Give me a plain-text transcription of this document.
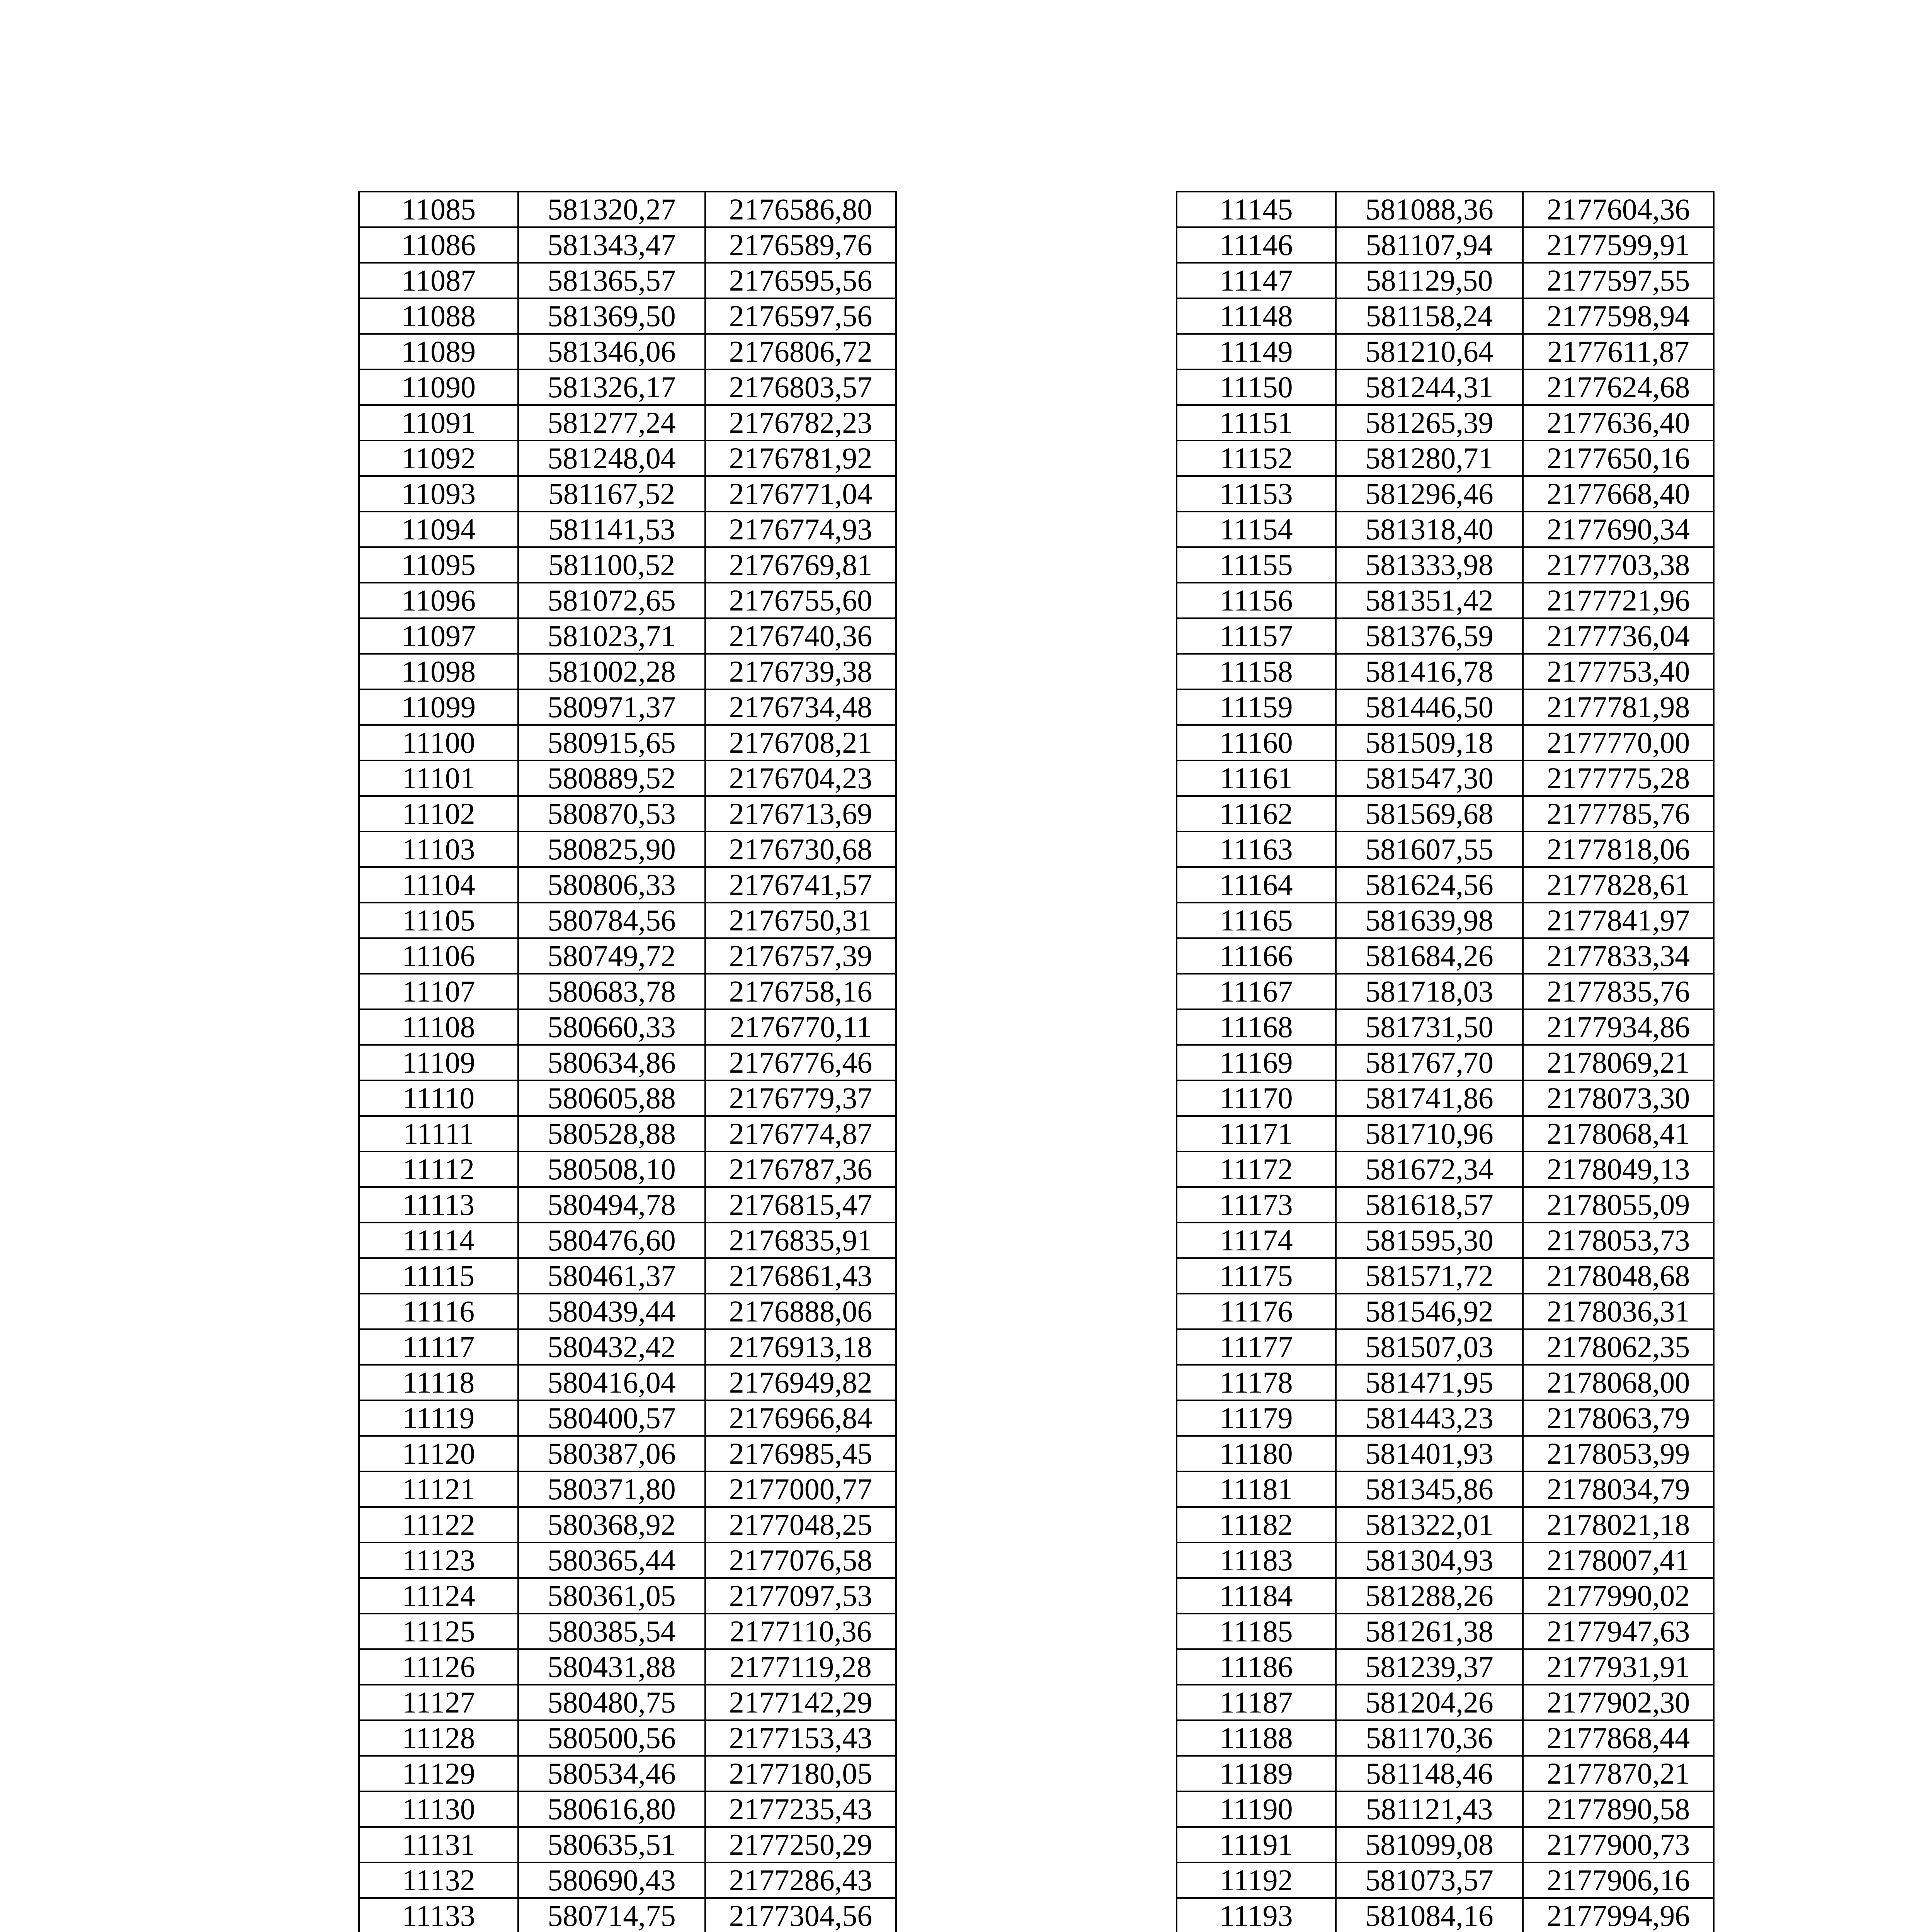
11085	581320,27	2176586,80
11086	581343,47	2176589,76
11087	581365,57	2176595,56
11088	581369,50	2176597,56
11089	581346,06	2176806,72
11090	581326,17	2176803,57
11091	581277,24	2176782,23
11092	581248,04	2176781,92
11093	581167,52	2176771,04
11094	581141,53	2176774,93
11095	581100,52	2176769,81
11096	581072,65	2176755,60
11097	581023,71	2176740,36
11098	581002,28	2176739,38
11099	580971,37	2176734,48
11100	580915,65	2176708,21
11101	580889,52	2176704,23
11102	580870,53	2176713,69
11103	580825,90	2176730,68
11104	580806,33	2176741,57
11105	580784,56	2176750,31
11106	580749,72	2176757,39
11107	580683,78	2176758,16
11108	580660,33	2176770,11
11109	580634,86	2176776,46
11110	580605,88	2176779,37
11111	580528,88	2176774,87
11112	580508,10	2176787,36
11113	580494,78	2176815,47
11114	580476,60	2176835,91
11115	580461,37	2176861,43
11116	580439,44	2176888,06
11117	580432,42	2176913,18
11118	580416,04	2176949,82
11119	580400,57	2176966,84
11120	580387,06	2176985,45
11121	580371,80	2177000,77
11122	580368,92	2177048,25
11123	580365,44	2177076,58
11124	580361,05	2177097,53
11125	580385,54	2177110,36
11126	580431,88	2177119,28
11127	580480,75	2177142,29
11128	580500,56	2177153,43
11129	580534,46	2177180,05
11130	580616,80	2177235,43
11131	580635,51	2177250,29
11132	580690,43	2177286,43
11133	580714,75	2177304,56

11145	581088,36	2177604,36
11146	581107,94	2177599,91
11147	581129,50	2177597,55
11148	581158,24	2177598,94
11149	581210,64	2177611,87
11150	581244,31	2177624,68
11151	581265,39	2177636,40
11152	581280,71	2177650,16
11153	581296,46	2177668,40
11154	581318,40	2177690,34
11155	581333,98	2177703,38
11156	581351,42	2177721,96
11157	581376,59	2177736,04
11158	581416,78	2177753,40
11159	581446,50	2177781,98
11160	581509,18	2177770,00
11161	581547,30	2177775,28
11162	581569,68	2177785,76
11163	581607,55	2177818,06
11164	581624,56	2177828,61
11165	581639,98	2177841,97
11166	581684,26	2177833,34
11167	581718,03	2177835,76
11168	581731,50	2177934,86
11169	581767,70	2178069,21
11170	581741,86	2178073,30
11171	581710,96	2178068,41
11172	581672,34	2178049,13
11173	581618,57	2178055,09
11174	581595,30	2178053,73
11175	581571,72	2178048,68
11176	581546,92	2178036,31
11177	581507,03	2178062,35
11178	581471,95	2178068,00
11179	581443,23	2178063,79
11180	581401,93	2178053,99
11181	581345,86	2178034,79
11182	581322,01	2178021,18
11183	581304,93	2178007,41
11184	581288,26	2177990,02
11185	581261,38	2177947,63
11186	581239,37	2177931,91
11187	581204,26	2177902,30
11188	581170,36	2177868,44
11189	581148,46	2177870,21
11190	581121,43	2177890,58
11191	581099,08	2177900,73
11192	581073,57	2177906,16
11193	581084,16	2177994,96
